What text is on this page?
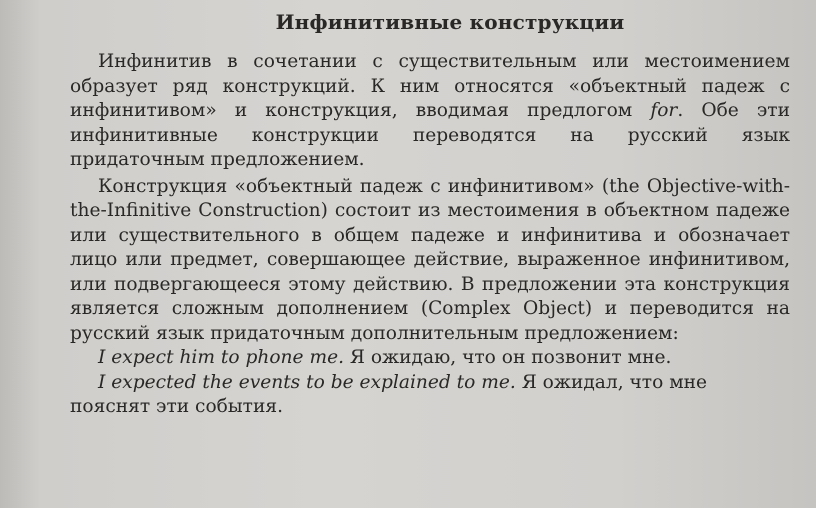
Инфинитивные конструкции

Инфинитив в сочетании с существительным или местоимением образует ряд конструкций. К ним относятся «объектный падеж с инфинитивом» и конструкция, вводимая предлогом for. Обе эти инфинитивные конструкции переводятся на русский язык придаточным предложением.

Конструкция «объектный падеж с инфинитивом» (the Objective-with-the-Infinitive Construction) состоит из местоимения в объектном падеже или существительного в общем падеже и инфинитива и обозначает лицо или предмет, совершающее действие, выраженное инфинитивом, или подвергающееся этому действию. В предложении эта конструкция является сложным дополнением (Complex Object) и переводится на русский язык придаточным дополнительным предложением:

I expect him to phone me. Я ожидаю, что он позвонит мне.

I expected the events to be explained to me. Я ожидал, что мне пояснят эти события.
